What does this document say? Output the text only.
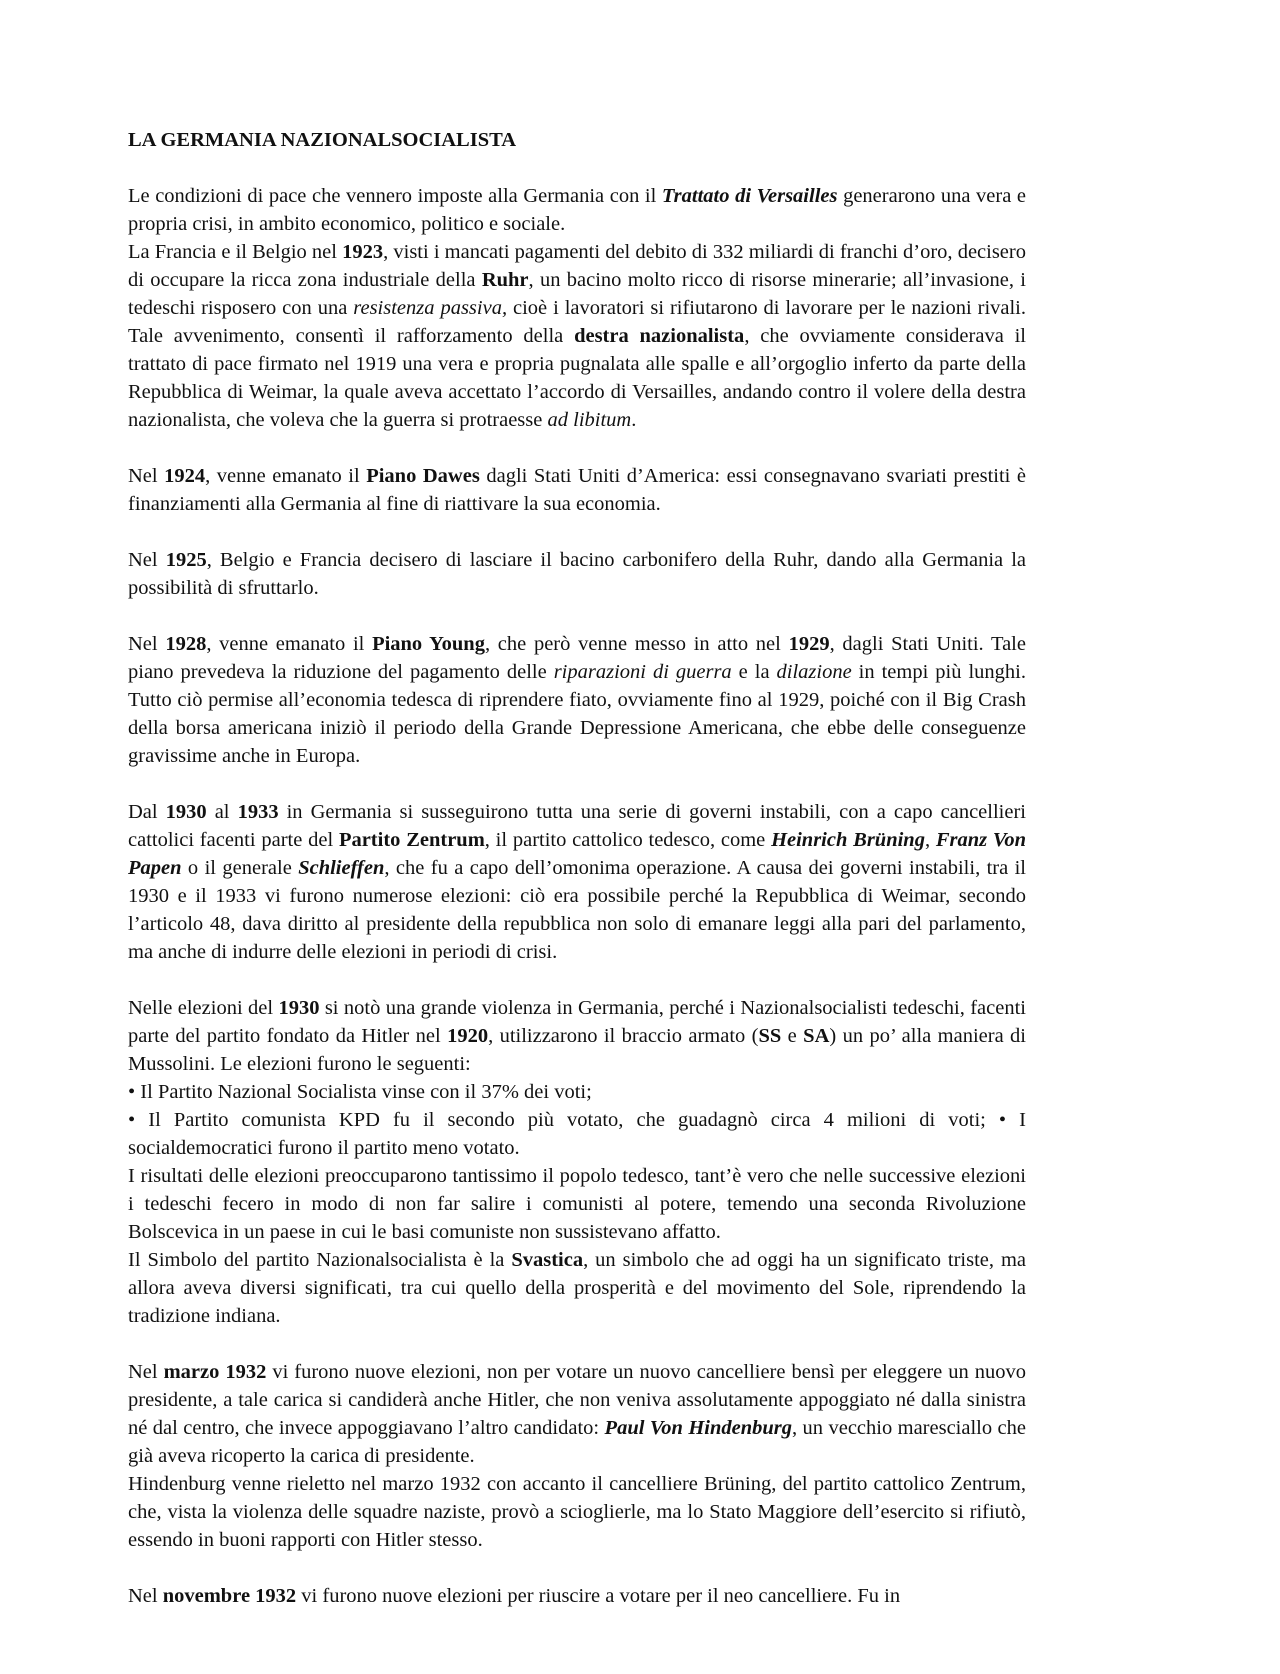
LA GERMANIA NAZIONALSOCIALISTA

Le condizioni di pace che vennero imposte alla Germania con il Trattato di Versailles generarono una vera e propria crisi, in ambito economico, politico e sociale.

La Francia e il Belgio nel 1923, visti i mancati pagamenti del debito di 332 miliardi di franchi d’oro, decisero di occupare la ricca zona industriale della Ruhr, un bacino molto ricco di risorse minerarie; all’invasione, i tedeschi risposero con una resistenza passiva, cioè i lavoratori si rifiutarono di lavorare per le nazioni rivali. Tale avvenimento, consentì il rafforzamento della destra nazionalista, che ovviamente considerava il trattato di pace firmato nel 1919 una vera e propria pugnalata alle spalle e all’orgoglio inferto da parte della Repubblica di Weimar, la quale aveva accettato l’accordo di Versailles, andando contro il volere della destra nazionalista, che voleva che la guerra si protraesse ad libitum.

Nel 1924, venne emanato il Piano Dawes dagli Stati Uniti d’America: essi consegnavano svariati prestiti è finanziamenti alla Germania al fine di riattivare la sua economia.

Nel 1925, Belgio e Francia decisero di lasciare il bacino carbonifero della Ruhr, dando alla Germania la possibilità di sfruttarlo.

Nel 1928, venne emanato il Piano Young, che però venne messo in atto nel 1929, dagli Stati Uniti. Tale piano prevedeva la riduzione del pagamento delle riparazioni di guerra e la dilazione in tempi più lunghi. Tutto ciò permise all’economia tedesca di riprendere fiato, ovviamente fino al 1929, poiché con il Big Crash della borsa americana iniziò il periodo della Grande Depressione Americana, che ebbe delle conseguenze gravissime anche in Europa.

Dal 1930 al 1933 in Germania si susseguirono tutta una serie di governi instabili, con a capo cancellieri cattolici facenti parte del Partito Zentrum, il partito cattolico tedesco, come Heinrich Brüning, Franz Von Papen o il generale Schlieffen, che fu a capo dell’omonima operazione. A causa dei governi instabili, tra il 1930 e il 1933 vi furono numerose elezioni: ciò era possibile perché la Repubblica di Weimar, secondo l’articolo 48, dava diritto al presidente della repubblica non solo di emanare leggi alla pari del parlamento, ma anche di indurre delle elezioni in periodi di crisi.

Nelle elezioni del 1930 si notò una grande violenza in Germania, perché i Nazionalsocialisti tedeschi, facenti parte del partito fondato da Hitler nel 1920, utilizzarono il braccio armato (SS e SA) un po’ alla maniera di Mussolini. Le elezioni furono le seguenti:

• Il Partito Nazional Socialista vinse con il 37% dei voti;

• Il Partito comunista KPD fu il secondo più votato, che guadagnò circa 4 milioni di voti; • I socialdemocratici furono il partito meno votato.

I risultati delle elezioni preoccuparono tantissimo il popolo tedesco, tant’è vero che nelle successive elezioni i tedeschi fecero in modo di non far salire i comunisti al potere, temendo una seconda Rivoluzione Bolscevica in un paese in cui le basi comuniste non sussistevano affatto.

Il Simbolo del partito Nazionalsocialista è la Svastica, un simbolo che ad oggi ha un significato triste, ma allora aveva diversi significati, tra cui quello della prosperità e del movimento del Sole, riprendendo la tradizione indiana.

Nel marzo 1932 vi furono nuove elezioni, non per votare un nuovo cancelliere bensì per eleggere un nuovo presidente, a tale carica si candiderà anche Hitler, che non veniva assolutamente appoggiato né dalla sinistra né dal centro, che invece appoggiavano l’altro candidato: Paul Von Hindenburg, un vecchio maresciallo che già aveva ricoperto la carica di presidente.

Hindenburg venne rieletto nel marzo 1932 con accanto il cancelliere Brüning, del partito cattolico Zentrum, che, vista la violenza delle squadre naziste, provò a scioglierle, ma lo Stato Maggiore dell’esercito si rifiutò, essendo in buoni rapporti con Hitler stesso.

Nel novembre 1932 vi furono nuove elezioni per riuscire a votare per il neo cancelliere. Fu in
